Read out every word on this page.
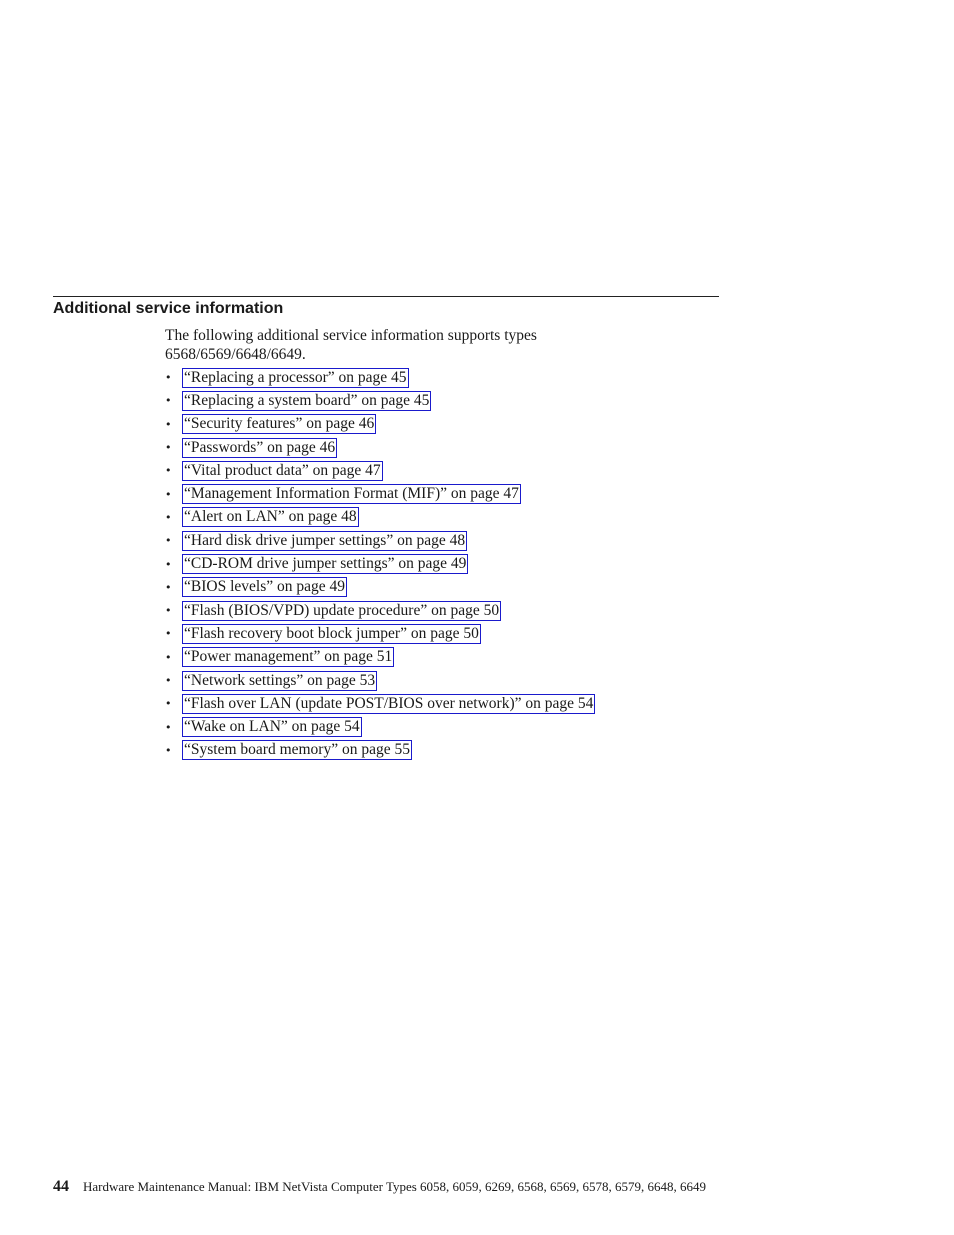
Additional service information

The following additional service information supports types 6568/6569/6648/6649.

• “Replacing a processor” on page 45
• “Replacing a system board” on page 45
• “Security features” on page 46
• “Passwords” on page 46
• “Vital product data” on page 47
• “Management Information Format (MIF)” on page 47
• “Alert on LAN” on page 48
• “Hard disk drive jumper settings” on page 48
• “CD-ROM drive jumper settings” on page 49
• “BIOS levels” on page 49
• “Flash (BIOS/VPD) update procedure” on page 50
• “Flash recovery boot block jumper” on page 50
• “Power management” on page 51
• “Network settings” on page 53
• “Flash over LAN (update POST/BIOS over network)” on page 54
• “Wake on LAN” on page 54
• “System board memory” on page 55
44 Hardware Maintenance Manual: IBM NetVista Computer Types 6058, 6059, 6269, 6568, 6569, 6578, 6579, 6648, 6649
